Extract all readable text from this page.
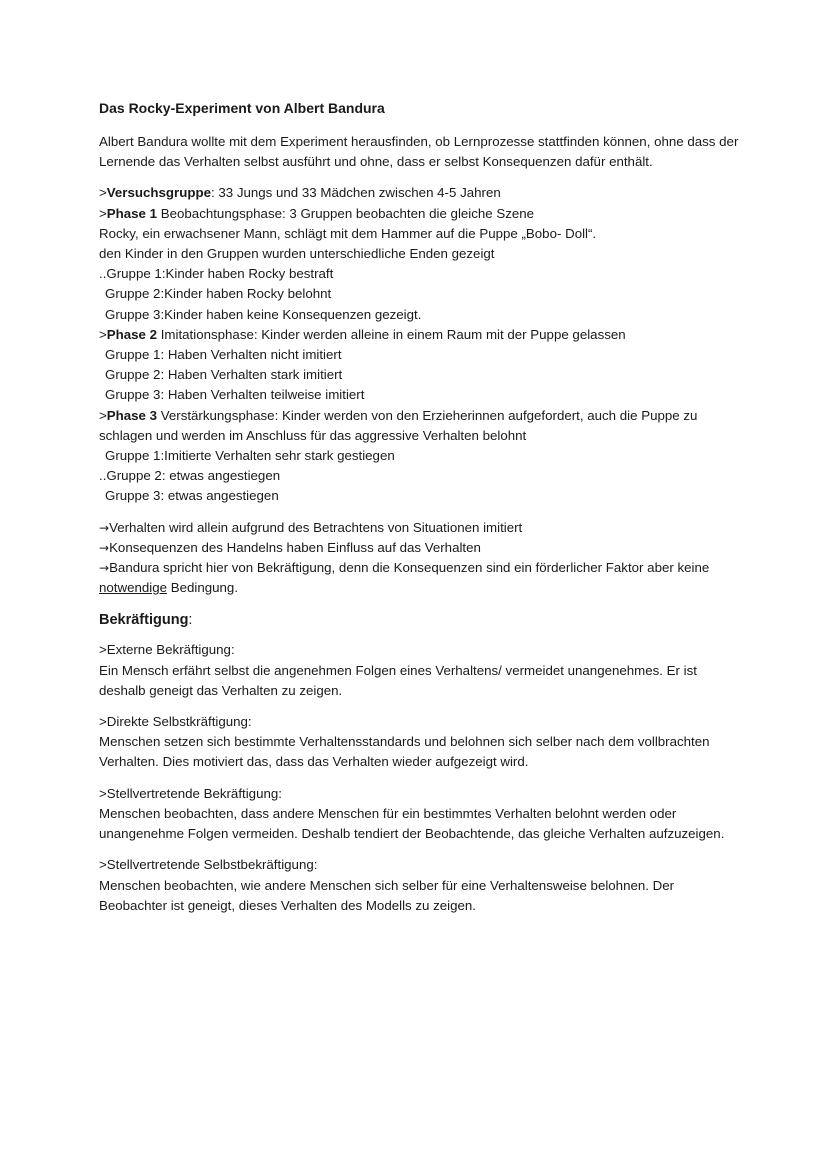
Das Rocky-Experiment von Albert Bandura

Albert Bandura wollte mit dem Experiment herausfinden, ob Lernprozesse stattfinden können, ohne dass der Lernende das Verhalten selbst ausführt und ohne, dass er selbst Konsequenzen dafür enthält.

>Versuchsgruppe: 33 Jungs und 33 Mädchen zwischen 4-5 Jahren
>Phase 1 Beobachtungsphase: 3 Gruppen beobachten die gleiche Szene
Rocky, ein erwachsener Mann, schlägt mit dem Hammer auf die Puppe „Bobo- Doll“.
den Kinder in den Gruppen wurden unterschiedliche Enden gezeigt
..Gruppe 1:Kinder haben Rocky bestraft
Gruppe 2:Kinder haben Rocky belohnt
Gruppe 3:Kinder haben keine Konsequenzen gezeigt.
>Phase 2 Imitationsphase: Kinder werden alleine in einem Raum mit der Puppe gelassen
Gruppe 1: Haben Verhalten nicht imitiert
Gruppe 2: Haben Verhalten stark imitiert
Gruppe 3: Haben Verhalten teilweise imitiert
>Phase 3 Verstärkungsphase: Kinder werden von den Erzieherinnen aufgefordert, auch die Puppe zu schlagen und werden im Anschluss für das aggressive Verhalten belohnt
Gruppe 1:Imitierte Verhalten sehr stark gestiegen
..Gruppe 2: etwas angestiegen
Gruppe 3: etwas angestiegen
→Verhalten wird allein aufgrund des Betrachtens von Situationen imitiert
→Konsequenzen des Handelns haben Einfluss auf das Verhalten
→Bandura spricht hier von Bekräftigung, denn die Konsequenzen sind ein förderlicher Faktor aber keine notwendige Bedingung.
Bekräftigung:
>Externe Bekräftigung:
Ein Mensch erfährt selbst die angenehmen Folgen eines Verhaltens/ vermeidet unangenehmes. Er ist deshalb geneigt das Verhalten zu zeigen.
>Direkte Selbstkräftigung:
Menschen setzen sich bestimmte Verhaltensstandards und belohnen sich selber nach dem vollbrachten Verhalten. Dies motiviert das, dass das Verhalten wieder aufgezeigt wird.
>Stellvertretende Bekräftigung:
Menschen beobachten, dass andere Menschen für ein bestimmtes Verhalten belohnt werden oder unangenehme Folgen vermeiden. Deshalb tendiert der Beobachtende, das gleiche Verhalten aufzuzeigen.
>Stellvertretende Selbstbekräftigung:
Menschen beobachten, wie andere Menschen sich selber für eine Verhaltensweise belohnen. Der Beobachter ist geneigt, dieses Verhalten des Modells zu zeigen.
